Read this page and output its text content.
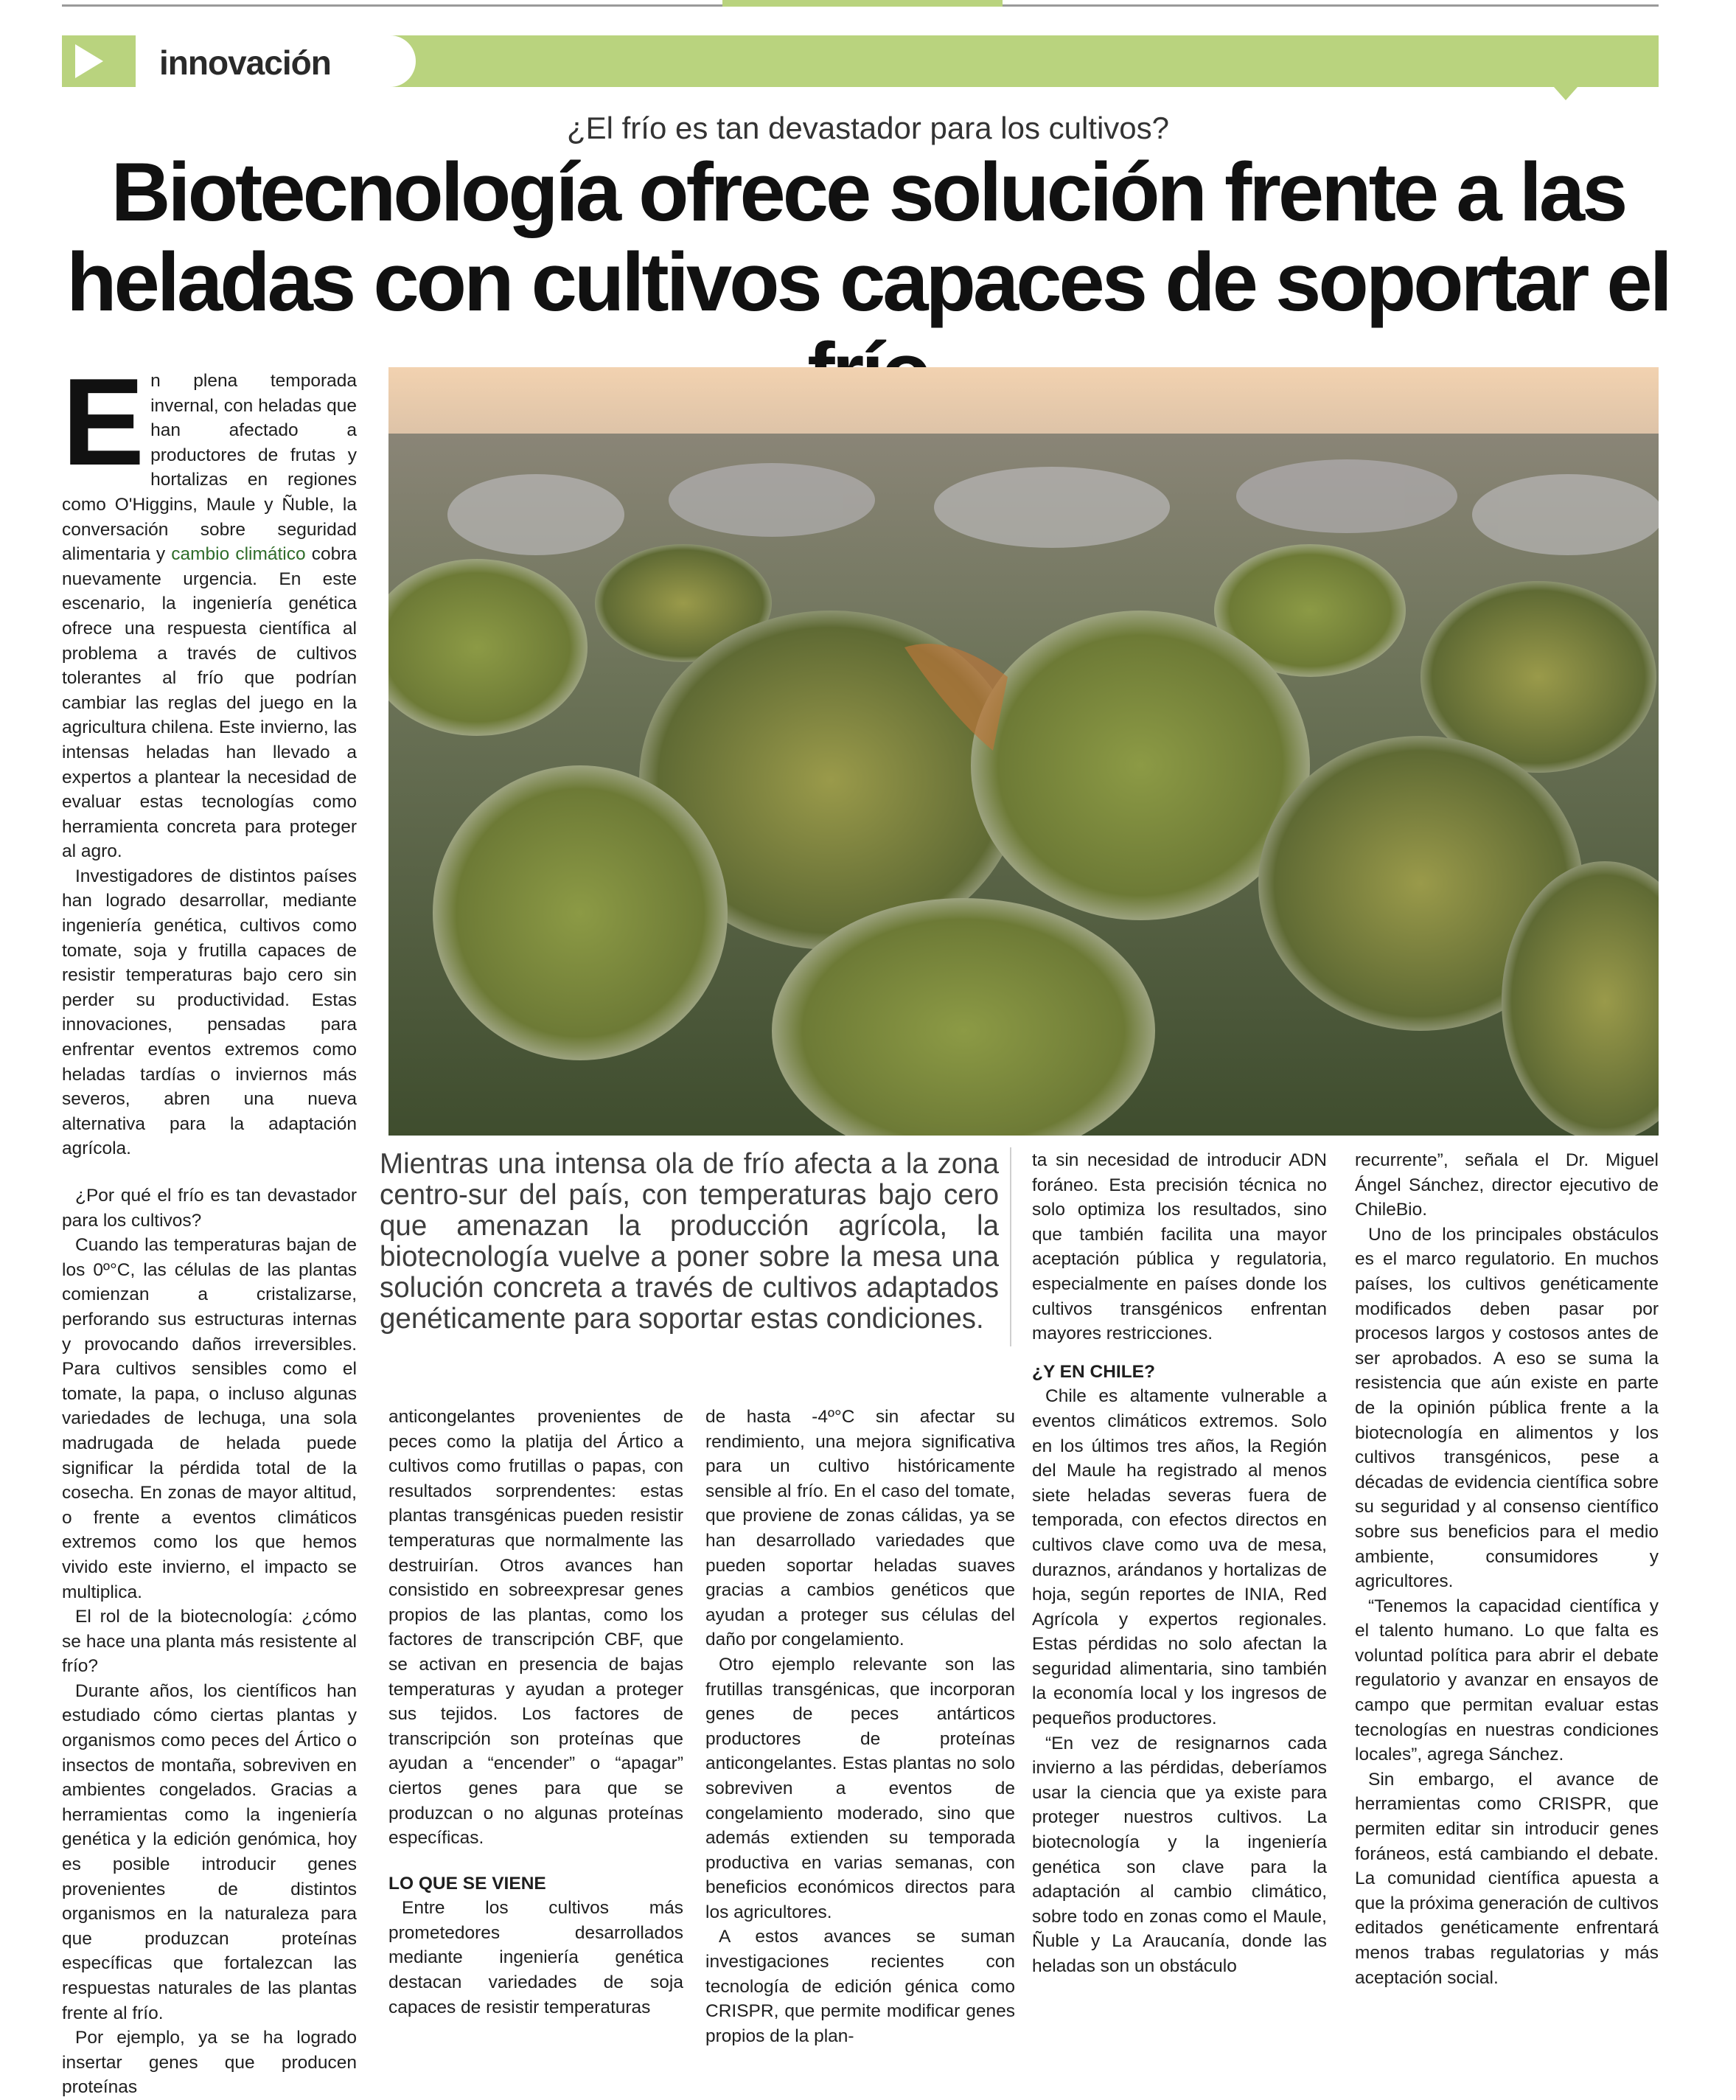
innovación
¿El frío es tan devastador para los cultivos?
Biotecnología ofrece solución frente a las heladas con cultivos capaces de soportar el
E n plena temporada invernal, con heladas que han afectado a productores de frutas y hortalizas en regiones como O'Higgins, Maule y Ñuble, la conversación sobre seguridad alimentaria y cambio climático cobra nuevamente urgencia. En este escenario, la ingeniería genética ofrece una respuesta científica al problema a través de cultivos tolerantes al frío que podrían cambiar las reglas del juego en la agricultura chilena. Este invierno, las intensas heladas han llevado a expertos a plantear la necesidad de evaluar estas tecnologías como herramienta concreta para proteger al agro.

Investigadores de distintos países han logrado desarrollar, mediante ingeniería genética, cultivos como tomate, soja y frutilla capaces de resistir temperaturas bajo cero sin perder su productividad. Estas innovaciones, pensadas para enfrentar eventos extremos como heladas tardías o inviernos más severos, abren una nueva alternativa para la adaptación agrícola.

¿Por qué el frío es tan devastador para los cultivos?

Cuando las temperaturas bajan de los 0º°C, las células de las plantas comienzan a cristalizarse, perforando sus estructuras internas y provocando daños irreversibles. Para cultivos sensibles como el tomate, la papa, o incluso algunas variedades de lechuga, una sola madrugada de helada puede significar la pérdida total de la cosecha. En zonas de mayor altitud, o frente a eventos climáticos extremos como los que hemos vivido este invierno, el impacto se multiplica.

El rol de la biotecnología: ¿cómo se hace una planta más resistente al frío?

Durante años, los científicos han estudiado cómo ciertas plantas y organismos como peces del Ártico o insectos de montaña, sobreviven en ambientes congelados. Gracias a herramientas como la ingeniería genética y la edición genómica, hoy es posible introducir genes provenientes de distintos organismos en la naturaleza para que produzcan proteínas específicas que fortalezcan las respuestas naturales de las plantas frente al frío.

Por ejemplo, ya se ha logrado insertar genes que producen proteínas

Mientras una intensa ola de frío afecta a la zona centro-sur del país, con temperaturas bajo cero que amenazan la producción agrícola, la biotecnología vuelve a poner sobre la mesa una solución concreta a través de cultivos adaptados genéticamente para soportar estas condiciones.

anticongelantes provenientes de peces como la platija del Ártico a cultivos como frutillas o papas, con resultados sorprendentes: estas plantas transgénicas pueden resistir temperaturas que normalmente las destruirían. Otros avances han consistido en sobreexpresar genes propios de las plantas, como los factores de transcripción CBF, que se activan en presencia de bajas temperaturas y ayudan a proteger sus tejidos. Los factores de transcripción son proteínas que ayudan a “encender” o “apagar” ciertos genes para que se produzcan o no algunas proteínas específicas.

LO QUE SE VIENE

Entre los cultivos más prometedores desarrollados mediante ingeniería genética destacan variedades de soja capaces de resistir temperaturas

de hasta -4º°C sin afectar su rendimiento, una mejora significativa para un cultivo históricamente sensible al frío. En el caso del tomate, que proviene de zonas cálidas, ya se han desarrollado variedades que pueden soportar heladas suaves gracias a cambios genéticos que ayudan a proteger sus células del daño por congelamiento.

Otro ejemplo relevante son las frutillas transgénicas, que incorporan genes de peces antárticos productores de proteínas anticongelantes. Estas plantas no solo sobreviven a eventos de congelamiento moderado, sino que además extienden su temporada productiva en varias semanas, con beneficios económicos directos para los agricultores.

A estos avances se suman investigaciones recientes con tecnología de edición génica como CRISPR, que permite modificar genes propios de la plan-

ta sin necesidad de introducir ADN foráneo. Esta precisión técnica no solo optimiza los resultados, sino que también facilita una mayor aceptación pública y regulatoria, especialmente en países donde los cultivos transgénicos enfrentan mayores restricciones.

¿Y EN CHILE?

Chile es altamente vulnerable a eventos climáticos extremos. Solo en los últimos tres años, la Región del Maule ha registrado al menos siete heladas severas fuera de temporada, con efectos directos en cultivos clave como uva de mesa, duraznos, arándanos y hortalizas de hoja, según reportes de INIA, Red Agrícola y expertos regionales. Estas pérdidas no solo afectan la seguridad alimentaria, sino también la economía local y los ingresos de pequeños productores.

“En vez de resignarnos cada invierno a las pérdidas, deberíamos usar la ciencia que ya existe para proteger nuestros cultivos. La biotecnología y la ingeniería genética son clave para la adaptación al cambio climático, sobre todo en zonas como el Maule, Ñuble y La Araucanía, donde las heladas son un obstáculo

recurrente”, señala el Dr. Miguel Ángel Sánchez, director ejecutivo de ChileBio.

Uno de los principales obstáculos es el marco regulatorio. En muchos países, los cultivos genéticamente modificados deben pasar por procesos largos y costosos antes de ser aprobados. A eso se suma la resistencia que aún existe en parte de la opinión pública frente a la biotecnología en alimentos y los cultivos transgénicos, pese a décadas de evidencia científica sobre su seguridad y al consenso científico sobre sus beneficios para el medio ambiente, consumidores y agricultores.

“Tenemos la capacidad científica y el talento humano. Lo que falta es voluntad política para abrir el debate regulatorio y avanzar en ensayos de campo que permitan evaluar estas tecnologías en nuestras condiciones locales”, agrega Sánchez.

Sin embargo, el avance de herramientas como CRISPR, que permiten editar sin introducir genes foráneos, está cambiando el debate. La comunidad científica apuesta a que la próxima generación de cultivos editados genéticamente enfrentará menos trabas regulatorias y más aceptación social.
